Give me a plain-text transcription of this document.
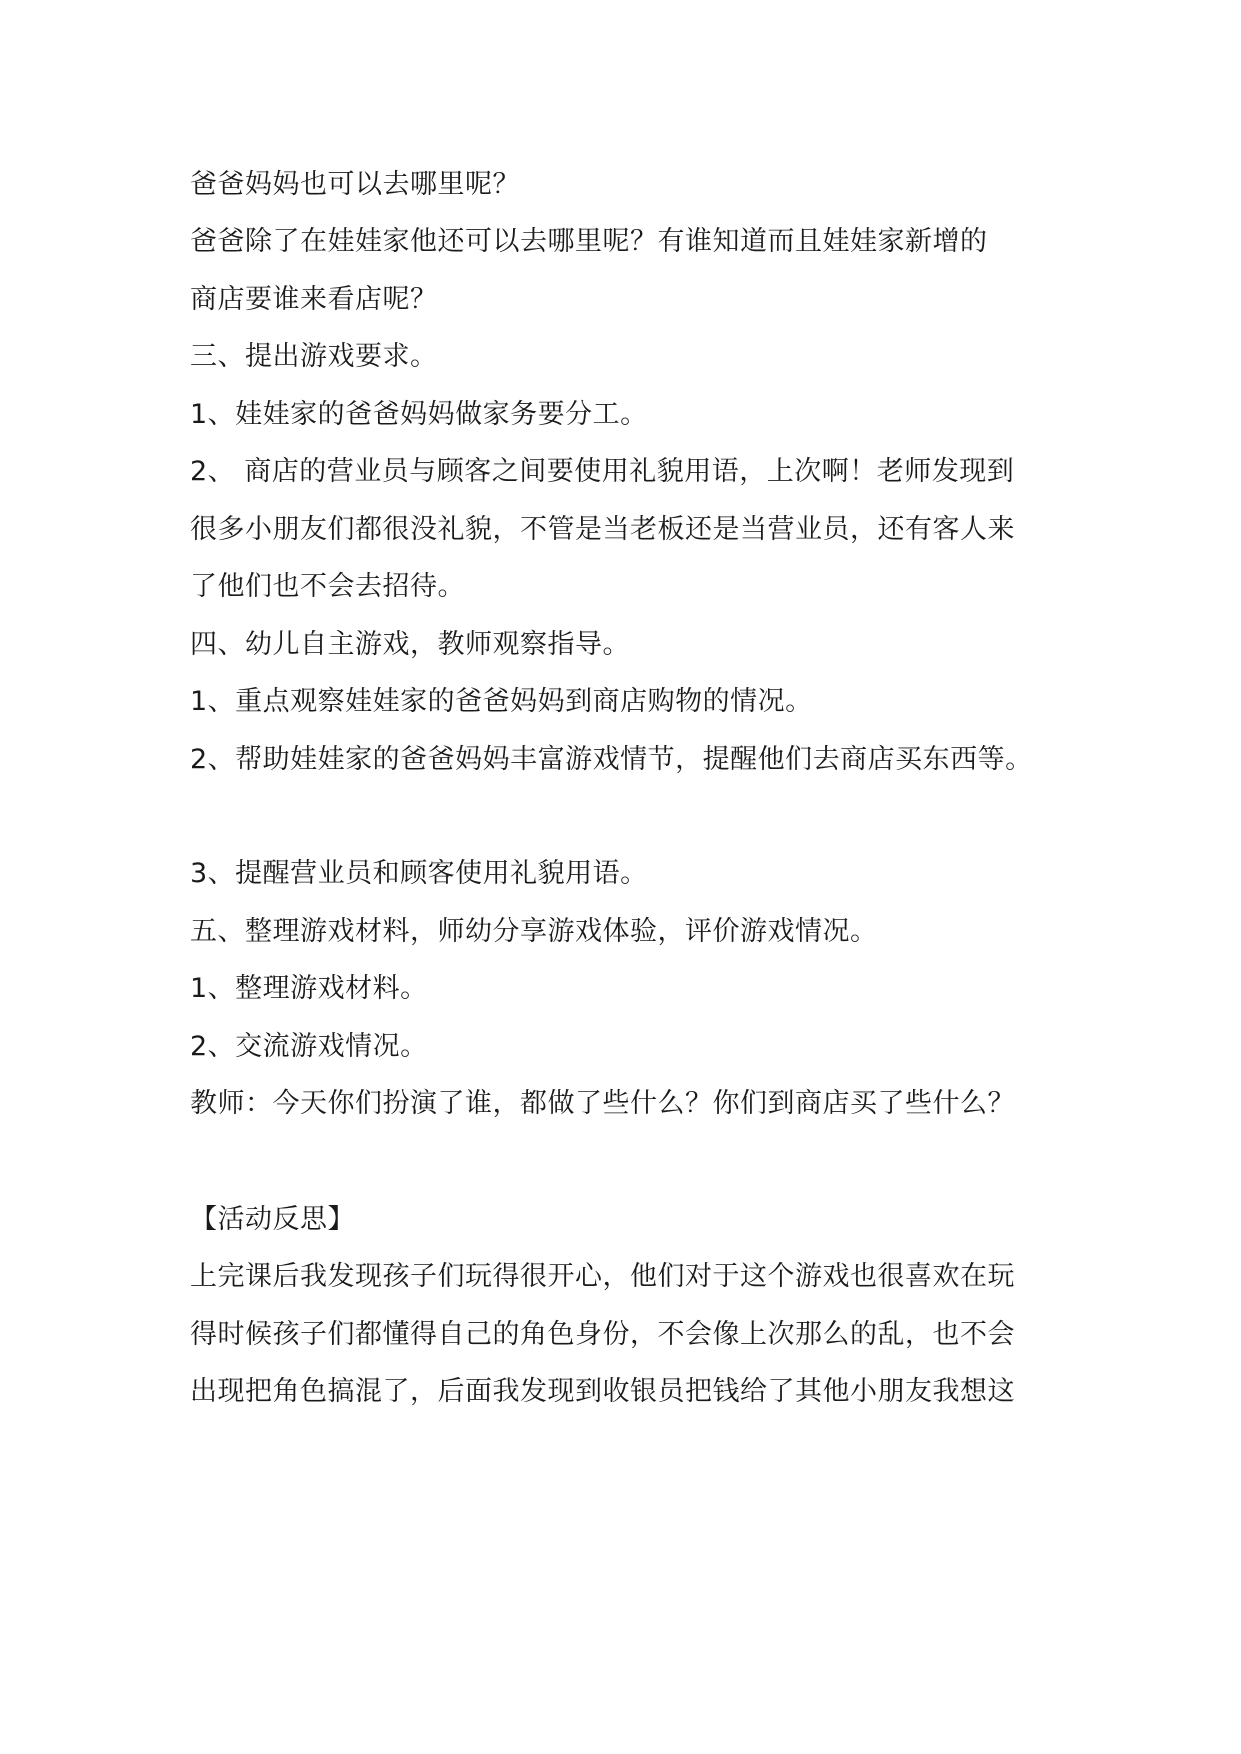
爸爸妈妈也可以去哪里呢？
爸爸除了在娃娃家他还可以去哪里呢？有谁知道而且娃娃家新增的
商店要谁来看店呢？
三、提出游戏要求。
1、娃娃家的爸爸妈妈做家务要分工。
2、 商店的营业员与顾客之间要使用礼貌用语，上次啊！老师发现到
很多小朋友们都很没礼貌，不管是当老板还是当营业员，还有客人来
了他们也不会去招待。
四、幼儿自主游戏，教师观察指导。
1、重点观察娃娃家的爸爸妈妈到商店购物的情况。
2、帮助娃娃家的爸爸妈妈丰富游戏情节，提醒他们去商店买东西等。
3、提醒营业员和顾客使用礼貌用语。
五、整理游戏材料，师幼分享游戏体验，评价游戏情况。
1、整理游戏材料。
2、交流游戏情况。
教师：今天你们扮演了谁，都做了些什么？你们到商店买了些什么？
【活动反思】
上完课后我发现孩子们玩得很开心，他们对于这个游戏也很喜欢在玩
得时候孩子们都懂得自己的角色身份，不会像上次那么的乱，也不会
出现把角色搞混了，后面我发现到收银员把钱给了其他小朋友我想这
